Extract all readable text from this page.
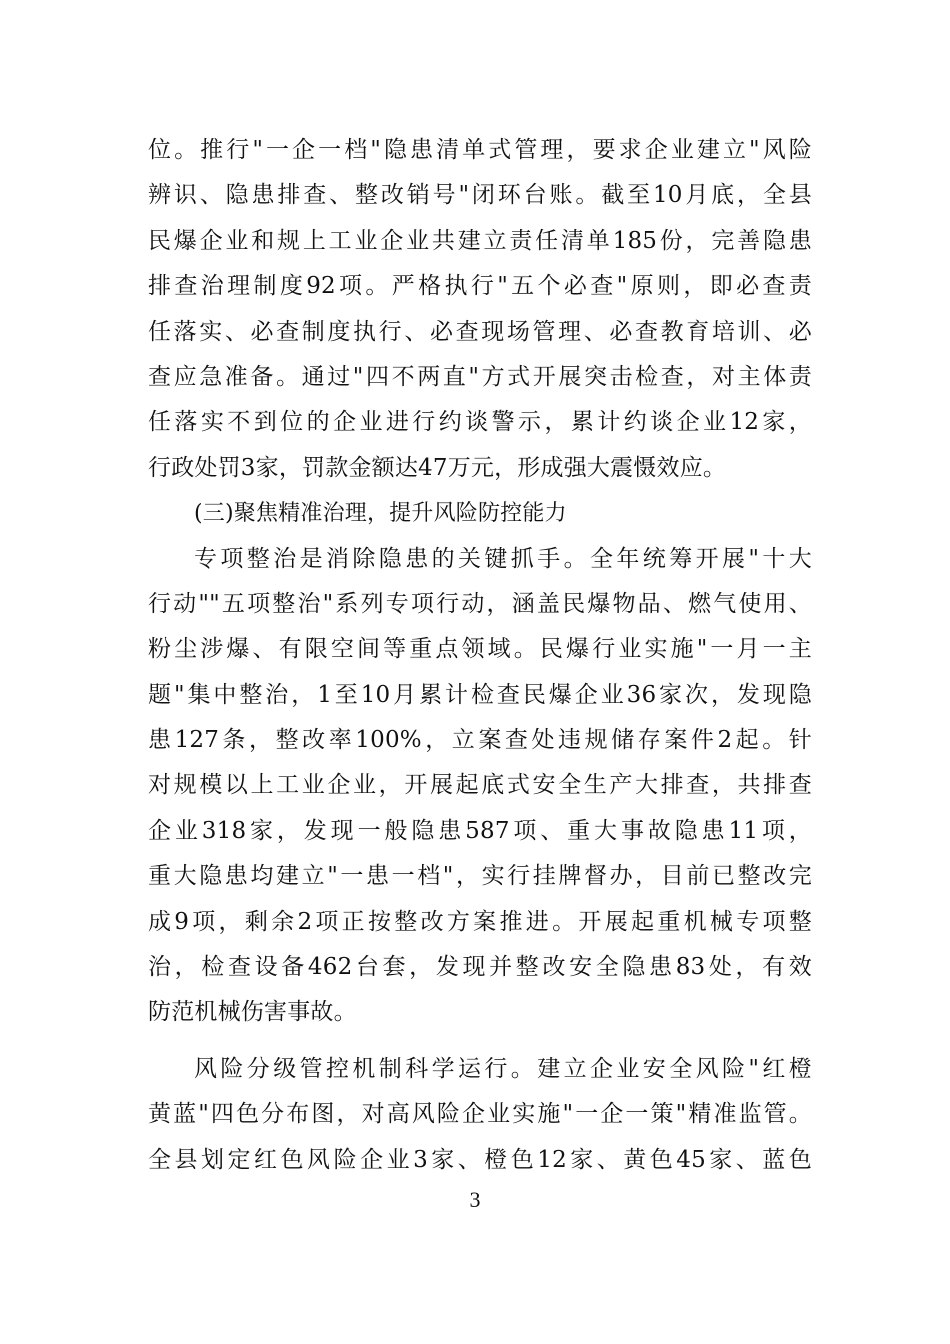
位。推行"一企一档"隐患清单式管理，要求企业建立"风险
辨识、隐患排查、整改销号"闭环台账。截至10月底，全县
民爆企业和规上工业企业共建立责任清单185份，完善隐患
排查治理制度92项。严格执行"五个必查"原则，即必查责
任落实、必查制度执行、必查现场管理、必查教育培训、必
查应急准备。通过"四不两直"方式开展突击检查，对主体责
任落实不到位的企业进行约谈警示，累计约谈企业12家，
行政处罚3家，罚款金额达47万元，形成强大震慑效应。
(三)聚焦精准治理，提升风险防控能力
专项整治是消除隐患的关键抓手。全年统筹开展"十大
行动""五项整治"系列专项行动，涵盖民爆物品、燃气使用、
粉尘涉爆、有限空间等重点领域。民爆行业实施"一月一主
题"集中整治，1至10月累计检查民爆企业36家次，发现隐
患127条，整改率100%，立案查处违规储存案件2起。针
对规模以上工业企业，开展起底式安全生产大排查，共排查
企业318家，发现一般隐患587项、重大事故隐患11项，
重大隐患均建立"一患一档"，实行挂牌督办，目前已整改完
成9项，剩余2项正按整改方案推进。开展起重机械专项整
治，检查设备462台套，发现并整改安全隐患83处，有效
防范机械伤害事故。
风险分级管控机制科学运行。建立企业安全风险"红橙
黄蓝"四色分布图，对高风险企业实施"一企一策"精准监管。
全县划定红色风险企业3家、橙色12家、黄色45家、蓝色
3
